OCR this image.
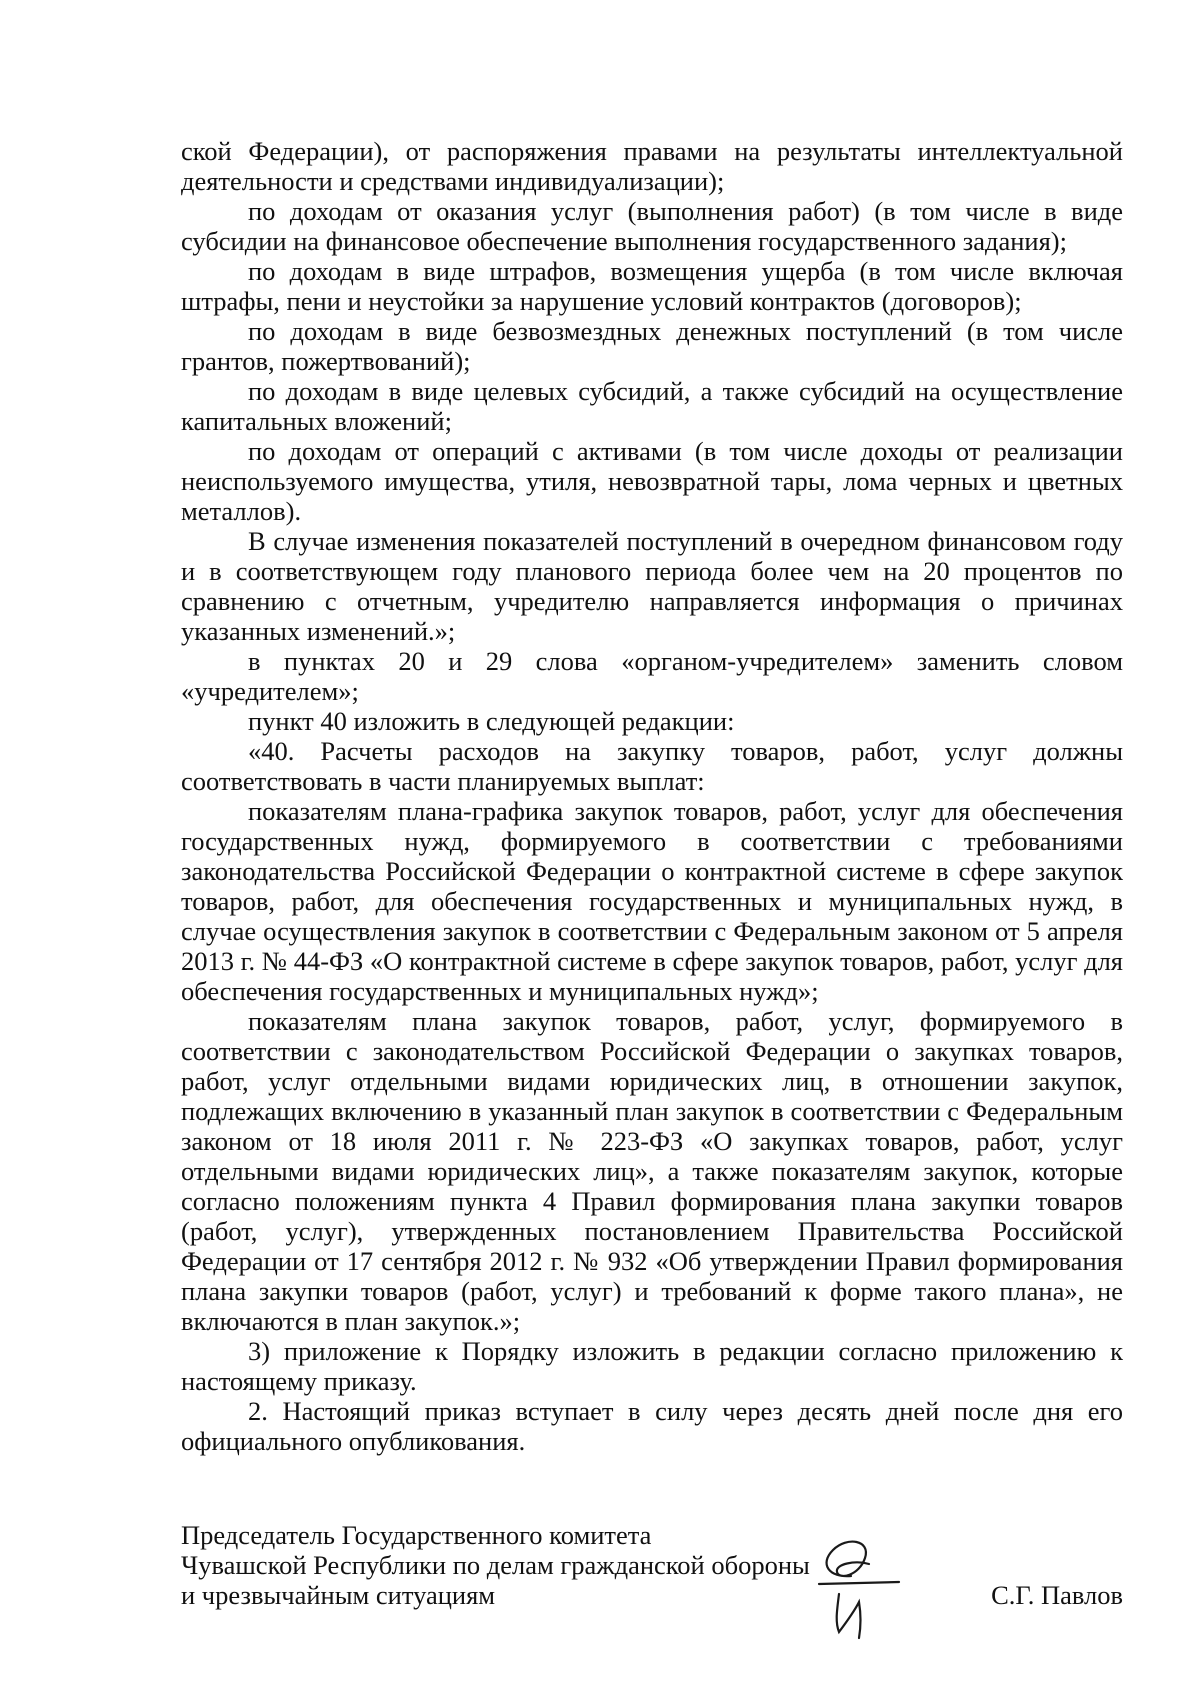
ской Федерации), от распоряжения правами на результаты интеллектуальной деятельности и средствами индивидуализации);

по доходам от оказания услуг (выполнения работ) (в том числе в виде субсидии на финансовое обеспечение выполнения государственного задания);

по доходам в виде штрафов, возмещения ущерба (в том числе включая штрафы, пени и неустойки за нарушение условий контрактов (договоров);

по доходам в виде безвозмездных денежных поступлений (в том числе грантов, пожертвований);

по доходам в виде целевых субсидий, а также субсидий на осуществление капитальных вложений;

по доходам от операций с активами (в том числе доходы от реализации неиспользуемого имущества, утиля, невозвратной тары, лома черных и цветных металлов).

В случае изменения показателей поступлений в очередном финансовом году и в соответствующем году планового периода более чем на 20 процентов по сравнению с отчетным, учредителю направляется информация о причинах указанных изменений.»;

в пунктах 20 и 29 слова «органом-учредителем» заменить словом «учредителем»;

пункт 40 изложить в следующей редакции:

«40. Расчеты расходов на закупку товаров, работ, услуг должны соответствовать в части планируемых выплат:

показателям плана-графика закупок товаров, работ, услуг для обеспечения государственных нужд, формируемого в соответствии с требованиями законодательства Российской Федерации о контрактной системе в сфере закупок товаров, работ, для обеспечения государственных и муниципальных нужд, в случае осуществления закупок в соответствии с Федеральным законом от 5 апреля 2013 г. № 44-ФЗ «О контрактной системе в сфере закупок товаров, работ, услуг для обеспечения государственных и муниципальных нужд»;

показателям плана закупок товаров, работ, услуг, формируемого в соответствии с законодательством Российской Федерации о закупках товаров, работ, услуг отдельными видами юридических лиц, в отношении закупок, подлежащих включению в указанный план закупок в соответствии с Федеральным законом от 18 июля 2011 г. № 223-ФЗ «О закупках товаров, работ, услуг отдельными видами юридических лиц», а также показателям закупок, которые согласно положениям пункта 4 Правил формирования плана закупки товаров (работ, услуг), утвержденных постановлением Правительства Российской Федерации от 17 сентября 2012 г. № 932 «Об утверждении Правил формирования плана закупки товаров (работ, услуг) и требований к форме такого плана», не включаются в план закупок.»;

3) приложение к Порядку изложить в редакции согласно приложению к настоящему приказу.

2. Настоящий приказ вступает в силу через десять дней после дня его официального опубликования.

Председатель Государственного комитета
Чувашской Республики по делам гражданской обороны
и чрезвычайным ситуациям	С.Г. Павлов
